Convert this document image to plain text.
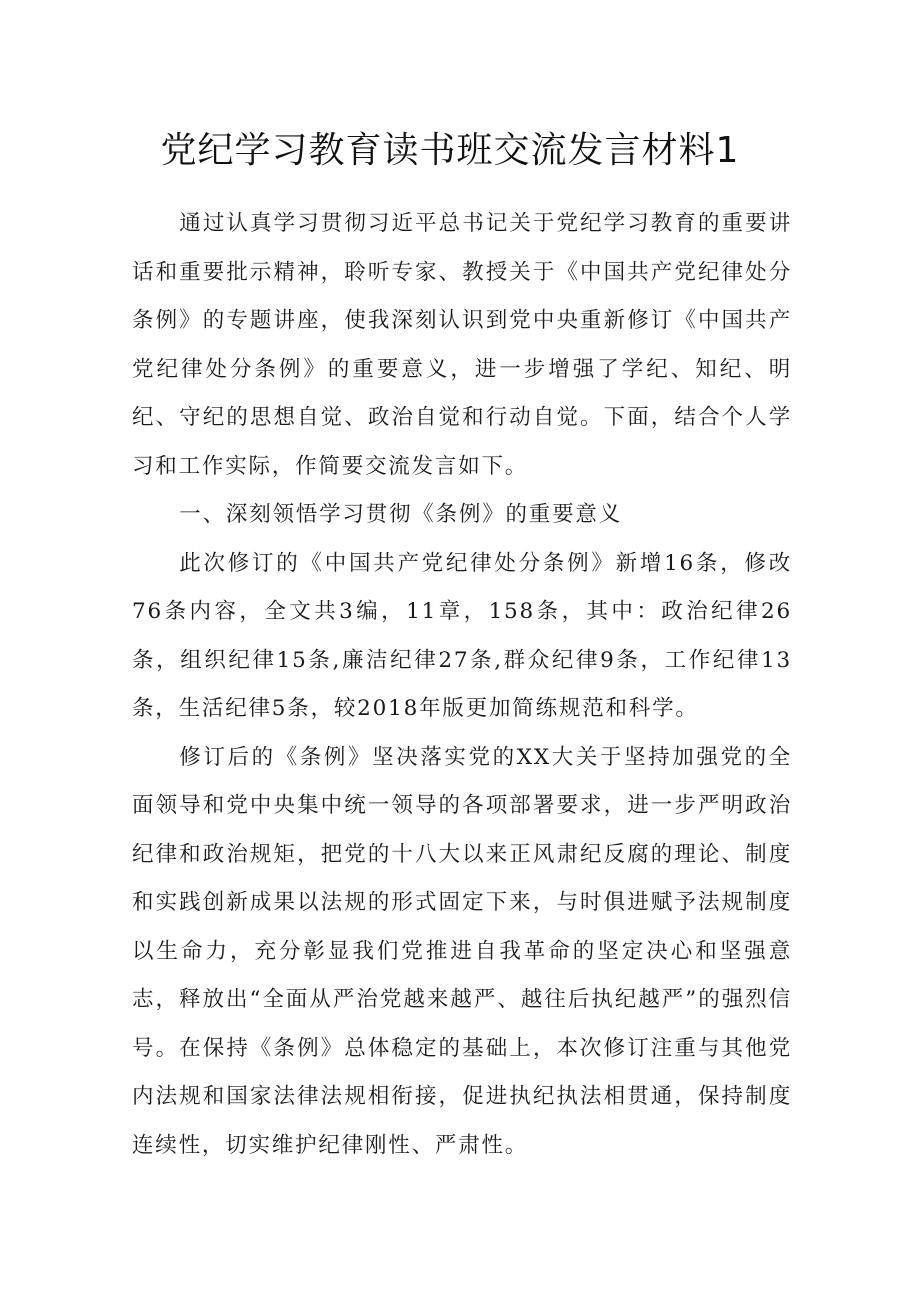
党纪学习教育读书班交流发言材料1

通过认真学习贯彻习近平总书记关于党纪学习教育的重要讲话和重要批示精神，聆听专家、教授关于《中国共产党纪律处分条例》的专题讲座，使我深刻认识到党中央重新修订《中国共产党纪律处分条例》的重要意义，进一步增强了学纪、知纪、明纪、守纪的思想自觉、政治自觉和行动自觉。下面，结合个人学习和工作实际，作简要交流发言如下。

一、深刻领悟学习贯彻《条例》的重要意义

此次修订的《中国共产党纪律处分条例》新增16条，修改76条内容，全文共3编，11章，158条，其中：政治纪律26条，组织纪律15条,廉洁纪律27条,群众纪律9条，工作纪律13条，生活纪律5条，较2018年版更加简练规范和科学。

修订后的《条例》坚决落实党的XX大关于坚持加强党的全面领导和党中央集中统一领导的各项部署要求，进一步严明政治纪律和政治规矩，把党的十八大以来正风肃纪反腐的理论、制度和实践创新成果以法规的形式固定下来，与时俱进赋予法规制度以生命力，充分彰显我们党推进自我革命的坚定决心和坚强意志，释放出“全面从严治党越来越严、越往后执纪越严”的强烈信号。在保持《条例》总体稳定的基础上，本次修订注重与其他党内法规和国家法律法规相衔接，促进执纪执法相贯通，保持制度连续性，切实维护纪律刚性、严肃性。
